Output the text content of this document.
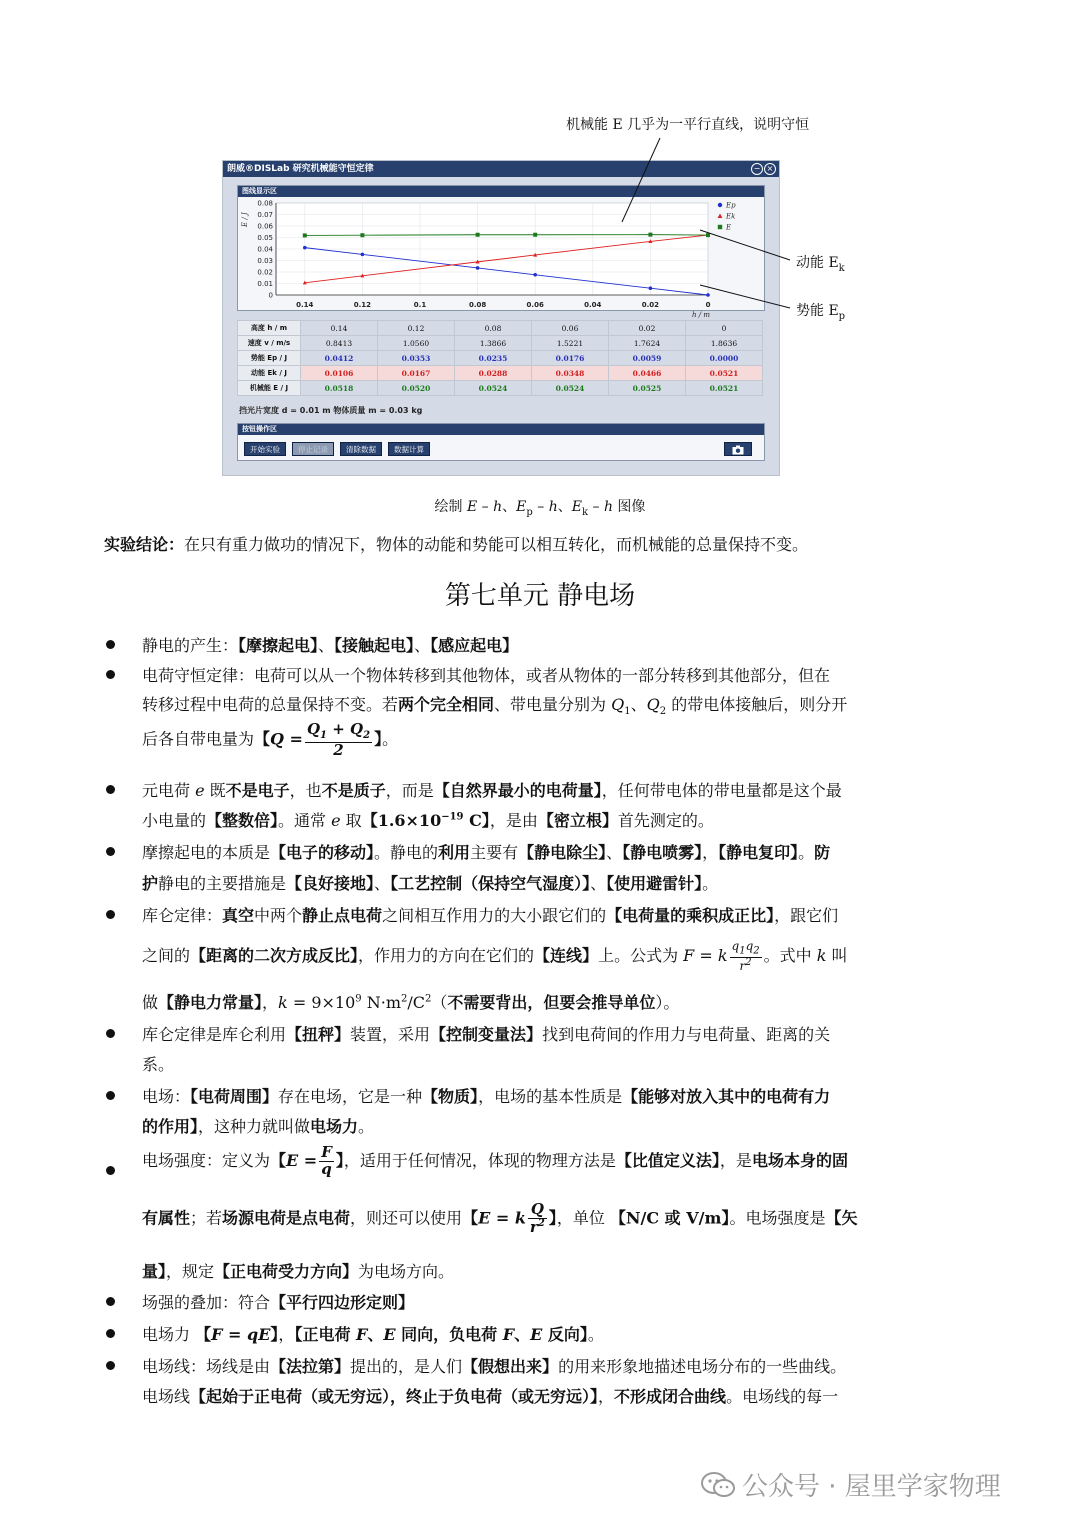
朗威®DISLab 研究机械能守恒定律	− ×
图线显示区
0.14	0.12	0.1	0.08	0.06	0.04	0.02	0
0.08
0.07
0.06
0.05
0.04
0.03
0.02
0.01
0
h / m
E / J
Ep
Ek
E
高度 h / m	0.14	0.12	0.08	0.06	0.02	0
速度 v / m/s	0.8413	1.0560	1.3866	1.5221	1.7624	1.8636
势能 Ep / J	0.0412	0.0353	0.0235	0.0176	0.0059	0.0000
动能 Ek / J	0.0106	0.0167	0.0288	0.0348	0.0466	0.0521
机械能 E / J	0.0518	0.0520	0.0524	0.0524	0.0525	0.0521
挡光片宽度 d = 0.01 m 物体质量 m = 0.03 kg
按钮操作区
开始实验	停止记录	清除数据	数据计算
机械能 E 几乎为一平行直线，说明守恒
动能 $E_k$
势能 $E_p$
绘制 E – h、$E_p$ – h、$E_k$ – h 图像
实验结论：在只有重力做功的情况下，物体的动能和势能可以相互转化，而机械能的总量保持不变。
第七单元 静电场
静电的产生：【摩擦起电】、【接触起电】、【感应起电】
电荷守恒定律：电荷可以从一个物体转移到其他物体，或者从物体的一部分转移到其他部分，但在
转移过程中电荷的总量保持不变。若两个完全相同、带电量分别为 $Q_1$、$Q_2$ 的带电体接触后，则分开
后各自带电量为【$Q = \frac{Q_1 + Q_2}{2}$ 】。
元电荷 e 既不是电子，也不是质子，而是【自然界最小的电荷量】，任何带电体的带电量都是这个最
小电量的【整数倍】。通常 e 取【$1.6\times 10^{-19}$ C】，是由【密立根】首先测定的。
摩擦起电的本质是【电子的移动】。静电的利用主要有【静电除尘】、【静电喷雾】，【静电复印】。防
护静电的主要措施是【良好接地】、【工艺控制（保持空气湿度）】、【使用避雷针】。
库仑定律：真空中两个静止点电荷之间相互作用力的大小跟它们的【电荷量的乘积成正比】，跟它们
之间的【距离的二次方成反比】，作用力的方向在它们的【连线】上。公式为 F = k $\frac{q_1q_2}{r^2}$ 。式中 k 叫
做【静电力常量】，$k = 9\times 10^9$ $N\cdot m^2/C^2$（不需要背出，但要会推导单位）。
库仑定律是库仑利用【扭秤】装置，采用【控制变量法】找到电荷间的作用力与电荷量、距离的关
系。
电场：【电荷周围】存在电场，它是一种【物质】，电场的基本性质是【能够对放入其中的电荷有力
的作用】，这种力就叫做电场力。
电场强度：定义为【$E = \frac{F}{q}$ 】，适用于任何情况，体现的物理方法是【比值定义法】，是电场本身的固
有属性；若场源电荷是点电荷，则还可以使用【E = k $\frac{Q}{r^2}$ 】，单位 【N/C 或 V/m】。电场强度是【矢
量】，规定【正电荷受力方向】为电场方向。
场强的叠加：符合【平行四边形定则】
电场力 【F = qE】，【正电荷 F、E 同向，负电荷 F、E 反向】。
电场线：场线是由【法拉第】提出的，是人们【假想出来】的用来形象地描述电场分布的一些曲线。
电场线【起始于正电荷（或无穷远），终止于负电荷（或无穷远）】，不形成闭合曲线。电场线的每一
公众号 · 屋里学家物理
